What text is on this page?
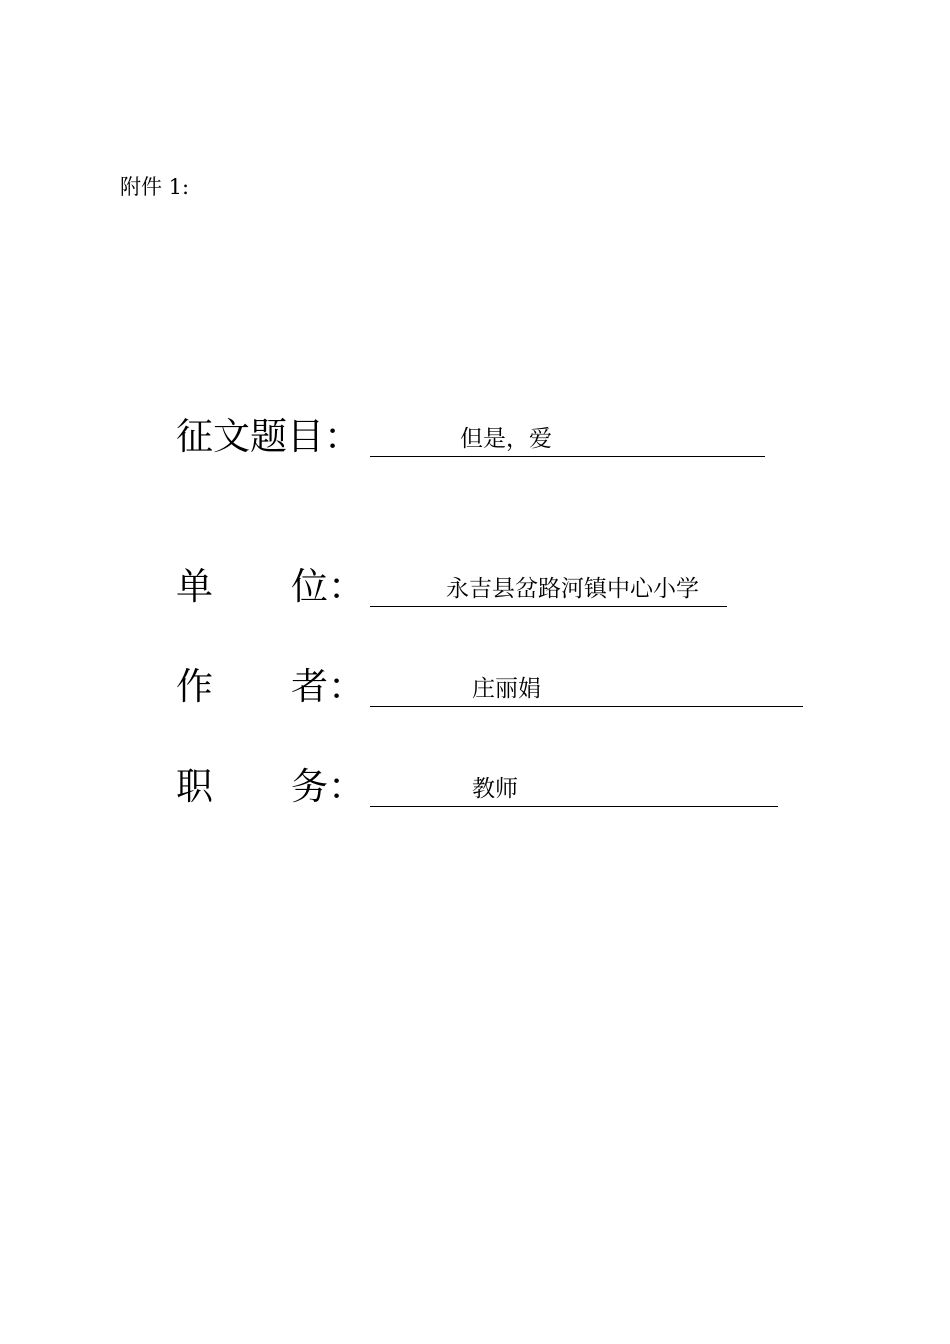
附件 1:
征文题目：	但是，爱
单 位：	永吉县岔路河镇中心小学
作 者：	庄丽娟
职 务：	教师
